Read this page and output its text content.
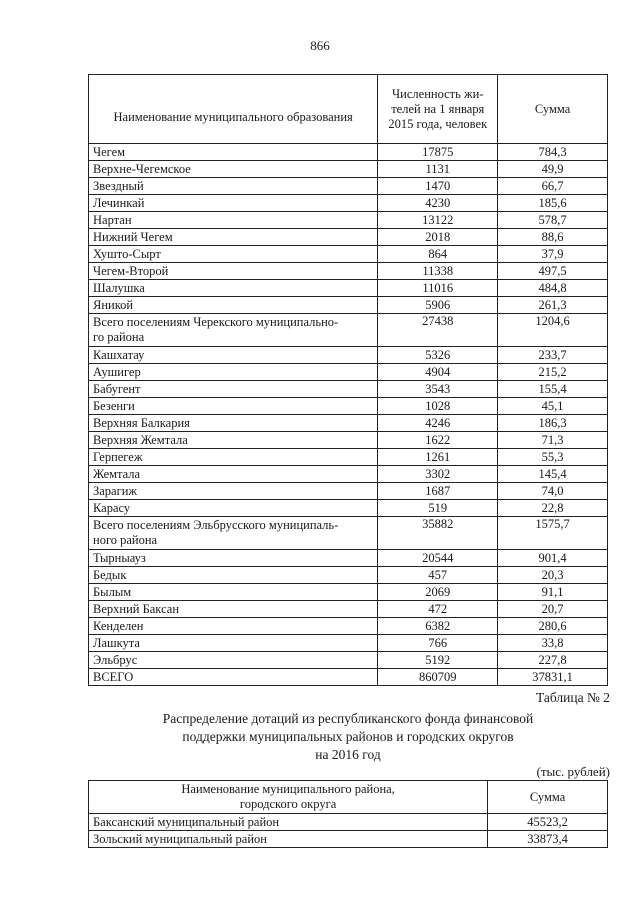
866
Наименование муниципального образования	Численность жи-
телей на 1 января
2015 года, человек	Сумма
Чегем	17875	784,3
Верхне-Чегемское	1131	49,9
Звездный	1470	66,7
Лечинкай	4230	185,6
Нартан	13122	578,7
Нижний Чегем	2018	88,6
Хушто-Сырт	864	37,9
Чегем-Второй	11338	497,5
Шалушка	11016	484,8
Яникой	5906	261,3
Всего поселениям Черекского муниципально-
го района	27438	1204,6
Кашхатау	5326	233,7
Аушигер	4904	215,2
Бабугент	3543	155,4
Безенги	1028	45,1
Верхняя Балкария	4246	186,3
Верхняя Жемтала	1622	71,3
Герпегеж	1261	55,3
Жемтала	3302	145,4
Зарагиж	1687	74,0
Карасу	519	22,8
Всего поселениям Эльбрусского муниципаль-
ного района	35882	1575,7
Тырныауз	20544	901,4
Бедык	457	20,3
Былым	2069	91,1
Верхний Баксан	472	20,7
Кенделен	6382	280,6
Лашкута	766	33,8
Эльбрус	5192	227,8
ВСЕГО	860709	37831,1
Таблица № 2
Распределение дотаций из республиканского фонда финансовой
поддержки муниципальных районов и городских округов
на 2016 год
(тыс. рублей)
Наименование муниципального района,
городского округа	Сумма
Баксанский муниципальный район	45523,2
Зольский муниципальный район	33873,4
